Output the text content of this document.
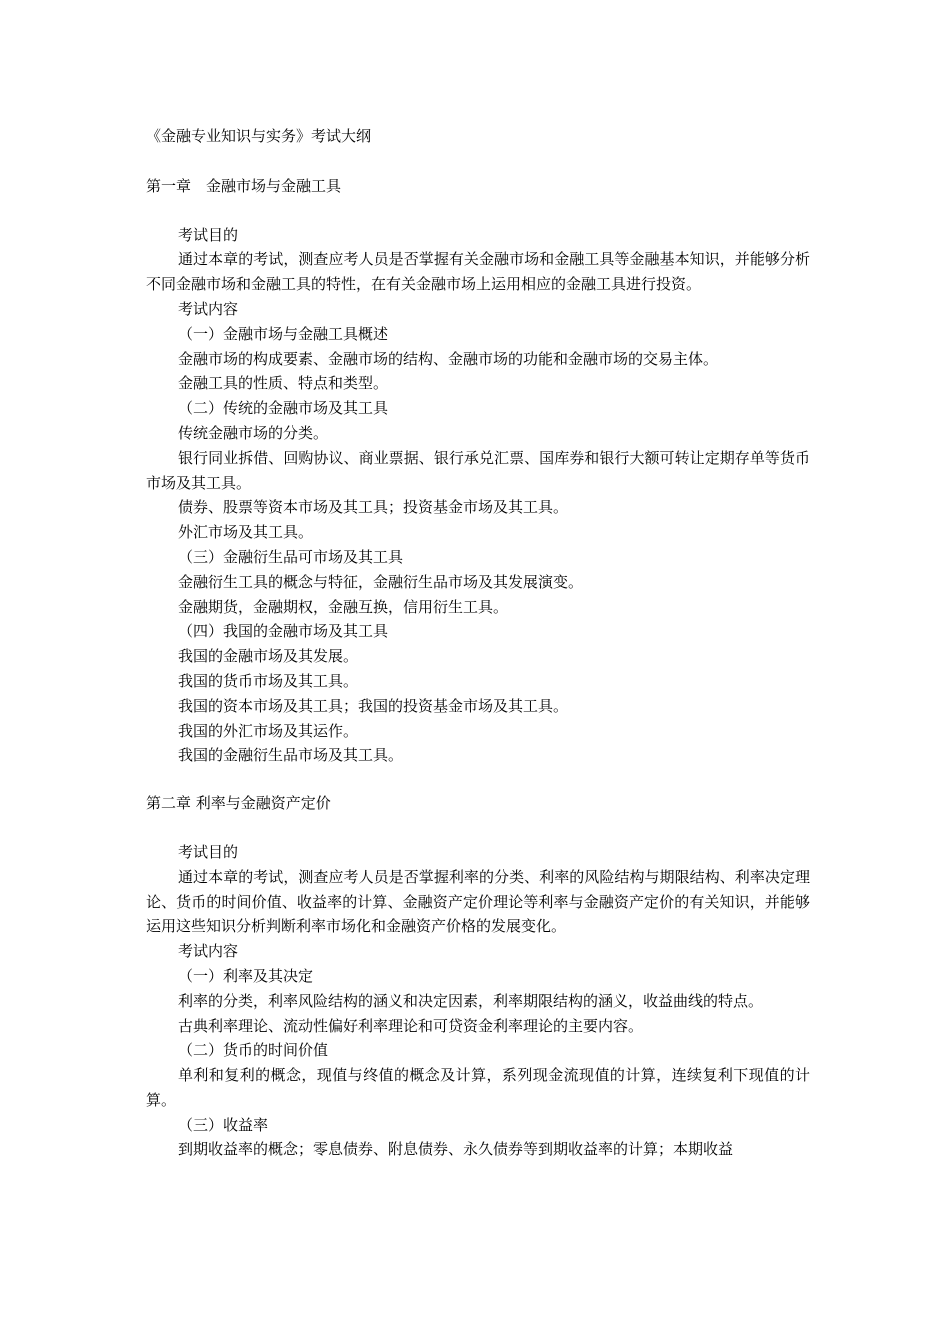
《金融专业知识与实务》考试大纲
第一章　金融市场与金融工具
考试目的
通过本章的考试，测查应考人员是否掌握有关金融市场和金融工具等金融基本知识，并能够分析不同金融市场和金融工具的特性，在有关金融市场上运用相应的金融工具进行投资。
考试内容
（一）金融市场与金融工具概述
金融市场的构成要素、金融市场的结构、金融市场的功能和金融市场的交易主体。
金融工具的性质、特点和类型。
（二）传统的金融市场及其工具
传统金融市场的分类。
银行同业拆借、回购协议、商业票据、银行承兑汇票、国库券和银行大额可转让定期存单等货币市场及其工具。
债券、股票等资本市场及其工具；投资基金市场及其工具。
外汇市场及其工具。
（三）金融衍生品可市场及其工具
金融衍生工具的概念与特征，金融衍生品市场及其发展演变。
金融期货，金融期权，金融互换，信用衍生工具。
（四）我国的金融市场及其工具
我国的金融市场及其发展。
我国的货币市场及其工具。
我国的资本市场及其工具；我国的投资基金市场及其工具。
我国的外汇市场及其运作。
我国的金融衍生品市场及其工具。
第二章 利率与金融资产定价
考试目的
通过本章的考试，测查应考人员是否掌握利率的分类、利率的风险结构与期限结构、利率决定理论、货币的时间价值、收益率的计算、金融资产定价理论等利率与金融资产定价的有关知识，并能够运用这些知识分析判断利率市场化和金融资产价格的发展变化。
考试内容
（一）利率及其决定
利率的分类，利率风险结构的涵义和决定因素，利率期限结构的涵义，收益曲线的特点。
古典利率理论、流动性偏好利率理论和可贷资金利率理论的主要内容。
（二）货币的时间价值
单利和复利的概念，现值与终值的概念及计算，系列现金流现值的计算，连续复利下现值的计算。
（三）收益率
到期收益率的概念；零息债券、附息债券、永久债券等到期收益率的计算；本期收益
